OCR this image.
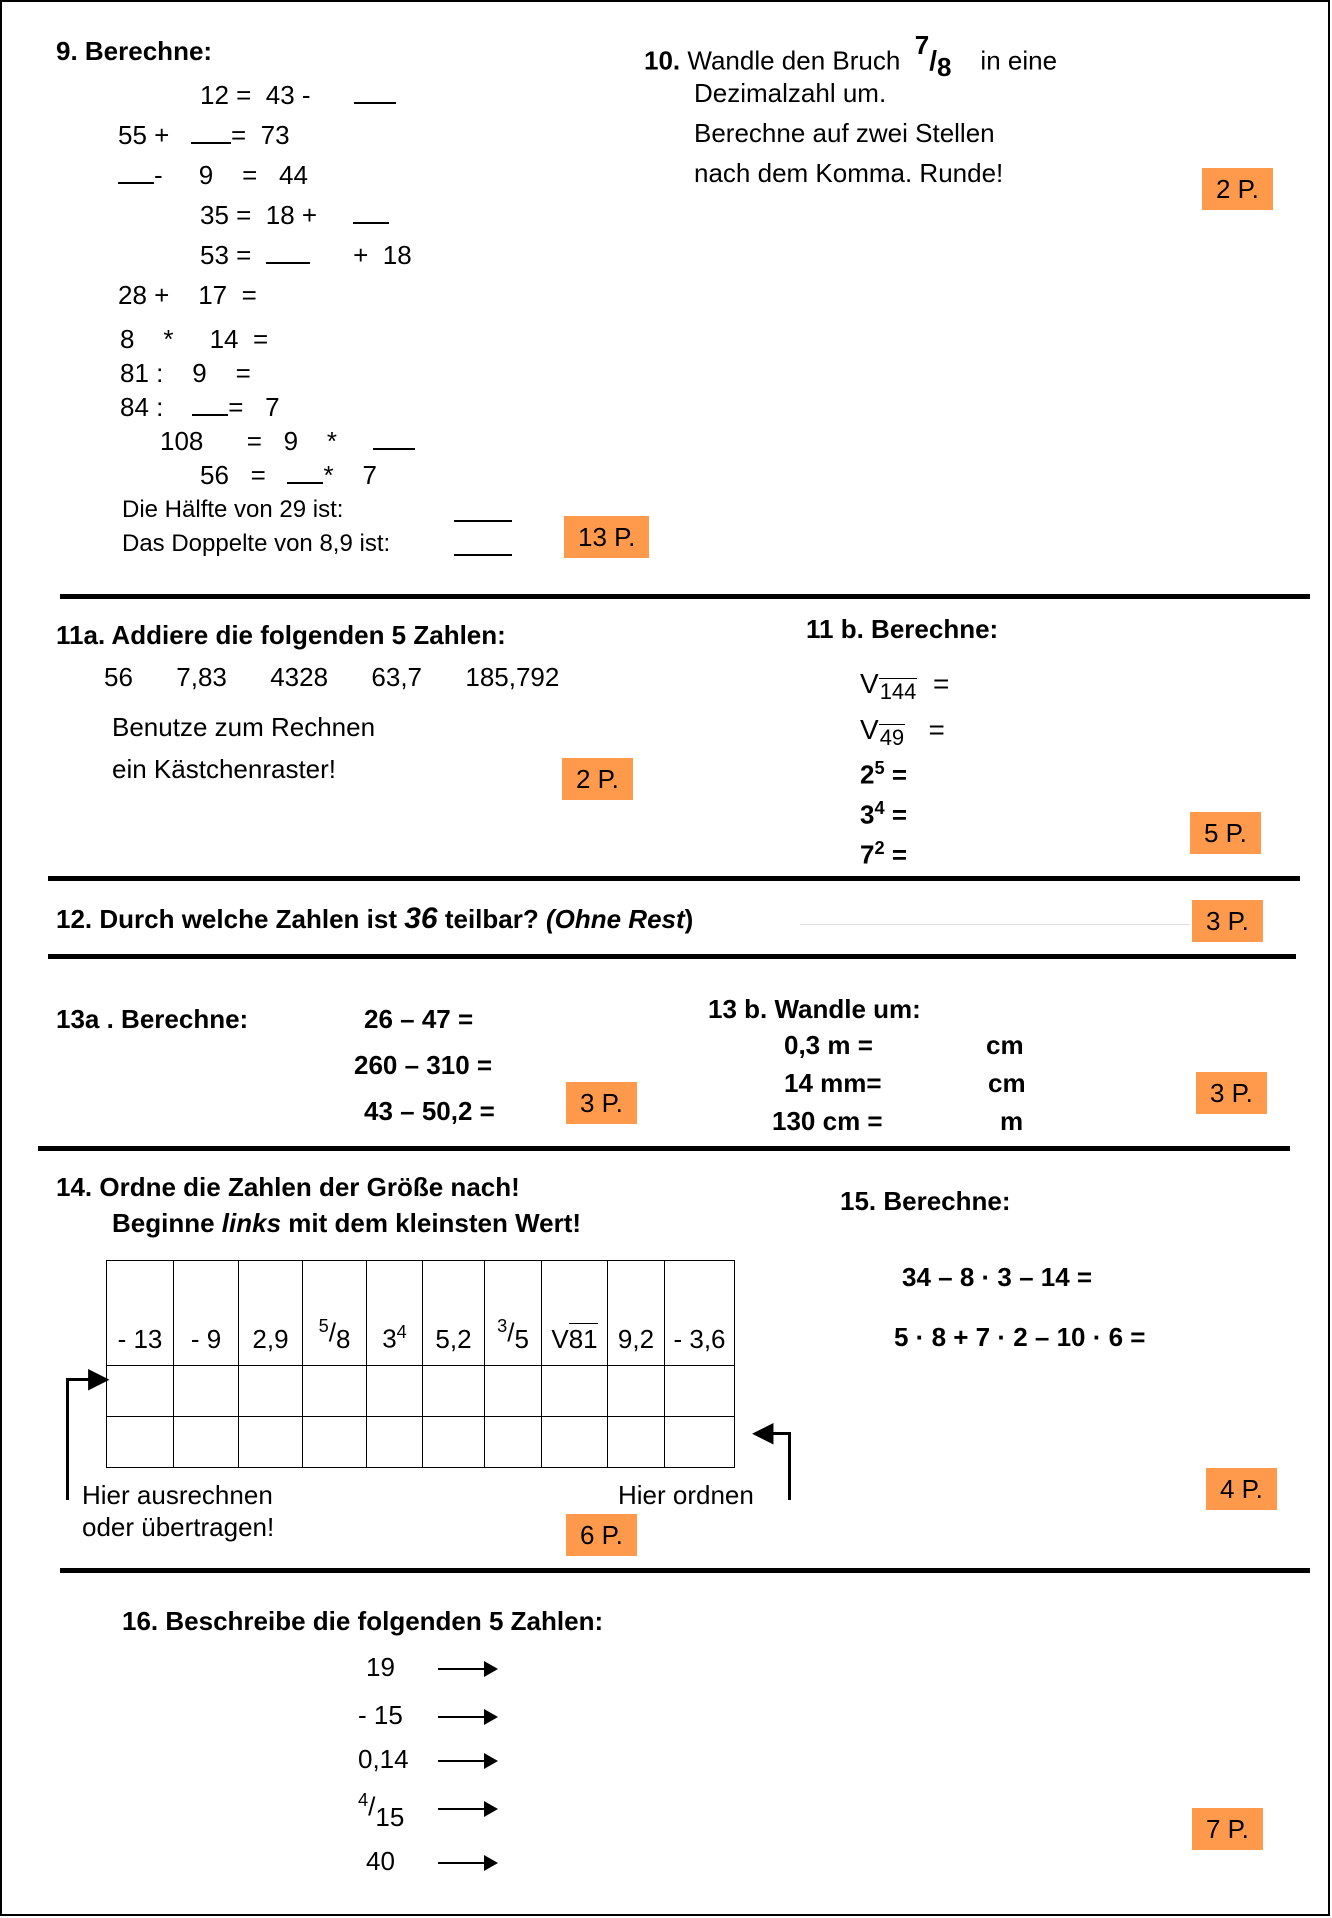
9. Berechne:
12 =  43 -
55 +   =  73
-     9    =   44
35 =  18 +
53 =        +  18
28 +    17  =
8    *     14  =
81 :    9    =
84 :    =   7
108      =   9    *
56   =   *    7
Die Hälfte von 29 ist:
Das Doppelte von 8,9 ist:	13 P.
10. Wandle den Bruch  $^7/_8$ in eine
Dezimalzahl um.
Berechne auf zwei Stellen
nach dem Komma. Runde!
2 P.
11a. Addiere die folgenden 5 Zahlen:
56 7,83 4328 63,7 185,792
Benutze zum Rechnen
ein Kästchenraster!	2 P.
11 b. Berechne:
V144 =
V49 =
$2^5$ =
$3^4$ =
$7^2$ =
5 P.
12. Durch welche Zahlen ist 36 teilbar? (Ohne Rest)	3 P.
13a . Berechne:	26 – 47 =
260 – 310 =
43 – 50,2 =	3 P.
13 b. Wandle um:
0,3 m =	cm
14 mm=	cm
130 cm =	m
3 P.
14. Ordne die Zahlen der Größe nach!
Beginne links mit dem kleinsten Wert!
- 13	- 9	2,9	$^5/_8$	$3^4$	5,2	$^3/_5$	V81	9,2	- 3,6

▶
◀
Hier ausrechnen
oder übertragen!
Hier ordnen
6 P.
15. Berechne:
34 – 8 · 3 – 14 =
5 · 8 + 7 · 2 – 10 · 6 =
4 P.
16. Beschreibe die folgenden 5 Zahlen:
19
- 15
0,14
$^4$/15
40
7 P.
